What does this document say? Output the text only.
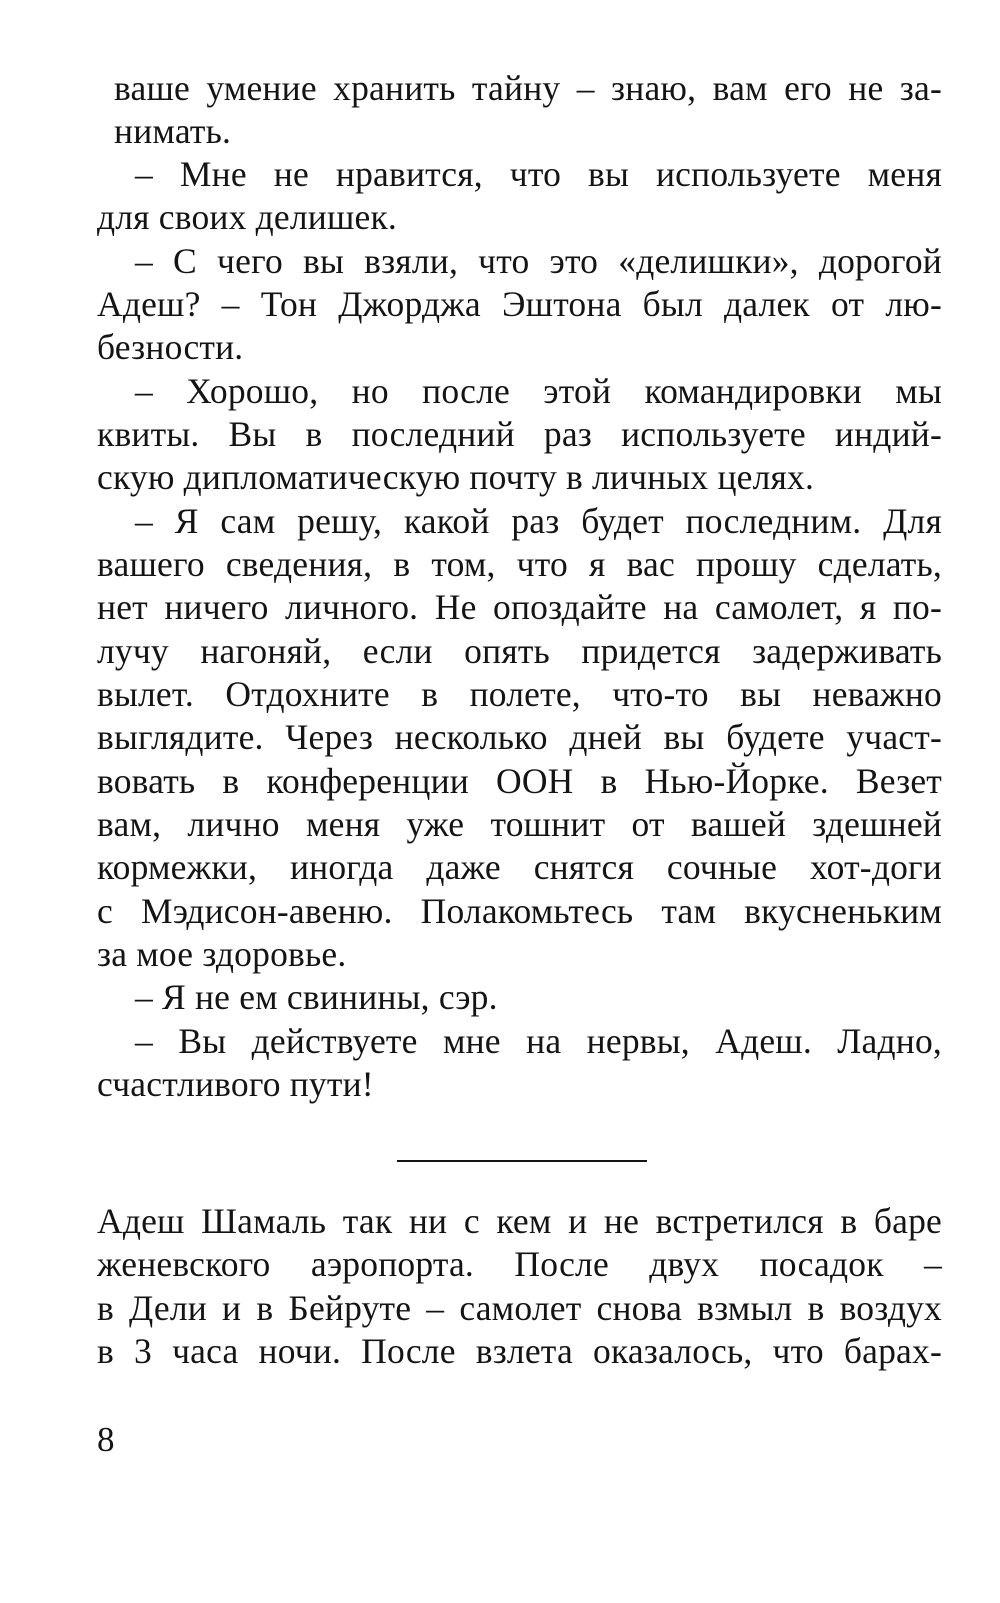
ваше умение хранить тайну – знаю, вам его не за-
нимать.
– Мне не нравится, что вы используете меня
для своих делишек.
– С чего вы взяли, что это «делишки», дорогой
Адеш? – Тон Джорджа Эштона был далек от лю-
безности.
– Хорошо, но после этой командировки мы
квиты. Вы в последний раз используете индий-
скую дипломатическую почту в личных целях.
– Я сам решу, какой раз будет последним. Для
вашего сведения, в том, что я вас прошу сделать,
нет ничего личного. Не опоздайте на самолет, я по-
лучу нагоняй, если опять придется задерживать
вылет. Отдохните в полете, что-то вы неважно
выглядите. Через несколько дней вы будете участ-
вовать в конференции ООН в Нью-Йорке. Везет
вам, лично меня уже тошнит от вашей здешней
кормежки, иногда даже снятся сочные хот-доги
с Мэдисон-авеню. Полакомьтесь там вкусненьким
за мое здоровье.
– Я не ем свинины, сэр.
– Вы действуете мне на нервы, Адеш. Ладно,
счастливого пути!
Адеш Шамаль так ни с кем и не встретился в баре
женевского аэропорта. После двух посадок –
в Дели и в Бейруте – самолет снова взмыл в воздух
в 3 часа ночи. После взлета оказалось, что барах-
8
